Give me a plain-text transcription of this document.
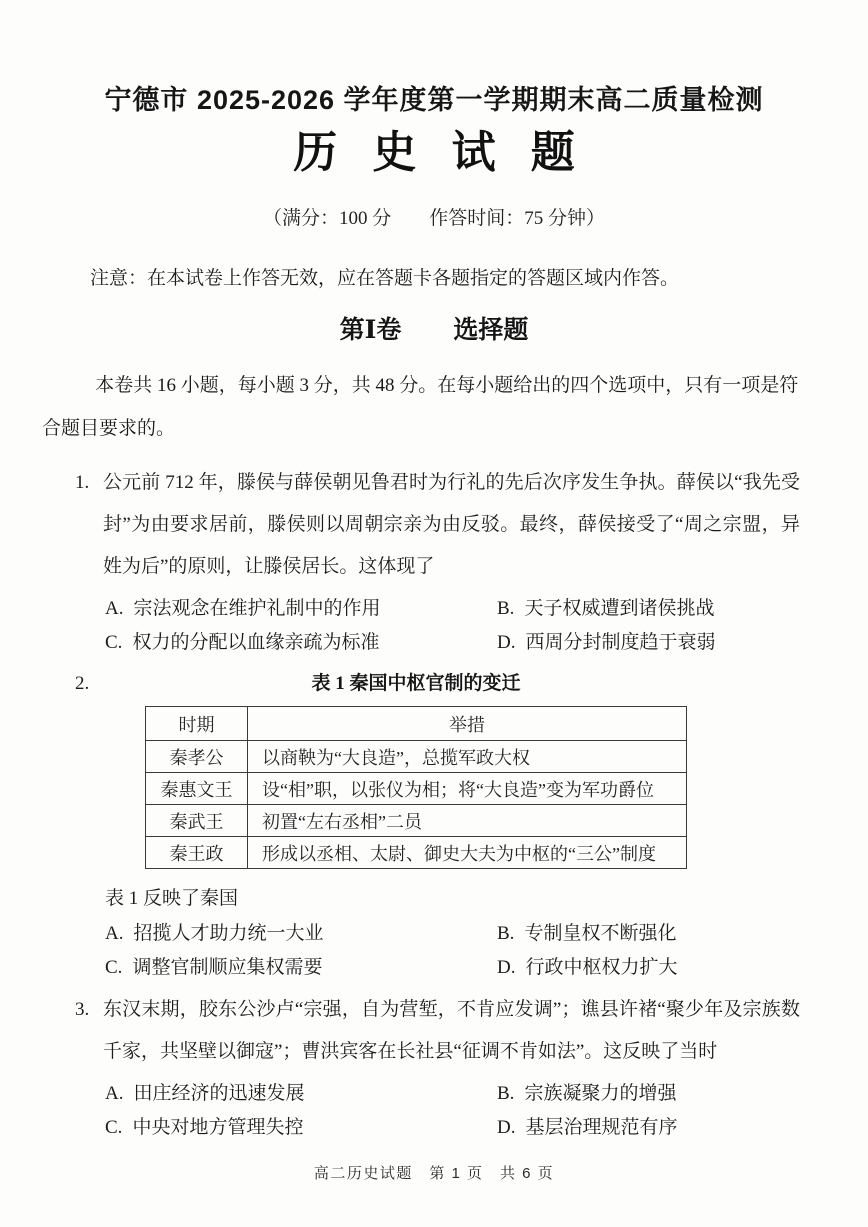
宁德市 2025-2026 学年度第一学期期末高二质量检测
历史试题
（满分：100 分　　作答时间：75 分钟）

注意：在本试卷上作答无效，应在答题卡各题指定的答题区域内作答。

第Ⅰ卷 选择题

本卷共 16 小题，每小题 3 分，共 48 分。在每小题给出的四个选项中，只有一项是符合题目要求的。

1. 公元前 712 年，滕侯与薛侯朝见鲁君时为行礼的先后次序发生争执。薛侯以“我先受封”为由要求居前，滕侯则以周朝宗亲为由反驳。最终，薛侯接受了“周之宗盟，异姓为后”的原则，让滕侯居长。这体现了
A. 宗法观念在维护礼制中的作用	B. 天子权威遭到诸侯挑战
C. 权力的分配以血缘亲疏为标准	D. 西周分封制度趋于衰弱
2.	表 1 秦国中枢官制的变迁
时期	举措
秦孝公	以商鞅为“大良造”，总揽军政大权
秦惠文王	设“相”职，以张仪为相；将“大良造”变为军功爵位
秦武王	初置“左右丞相”二员
秦王政	形成以丞相、太尉、御史大夫为中枢的“三公”制度
表 1 反映了秦国
A. 招揽人才助力统一大业	B. 专制皇权不断强化
C. 调整官制顺应集权需要	D. 行政中枢权力扩大
3. 东汉末期，胶东公沙卢“宗强，自为营堑，不肯应发调”；谯县许褚“聚少年及宗族数千家，共坚壁以御寇”；曹洪宾客在长社县“征调不肯如法”。这反映了当时
A. 田庄经济的迅速发展	B. 宗族凝聚力的增强
C. 中央对地方管理失控	D. 基层治理规范有序
高二历史试题　第 1 页　共 6 页
